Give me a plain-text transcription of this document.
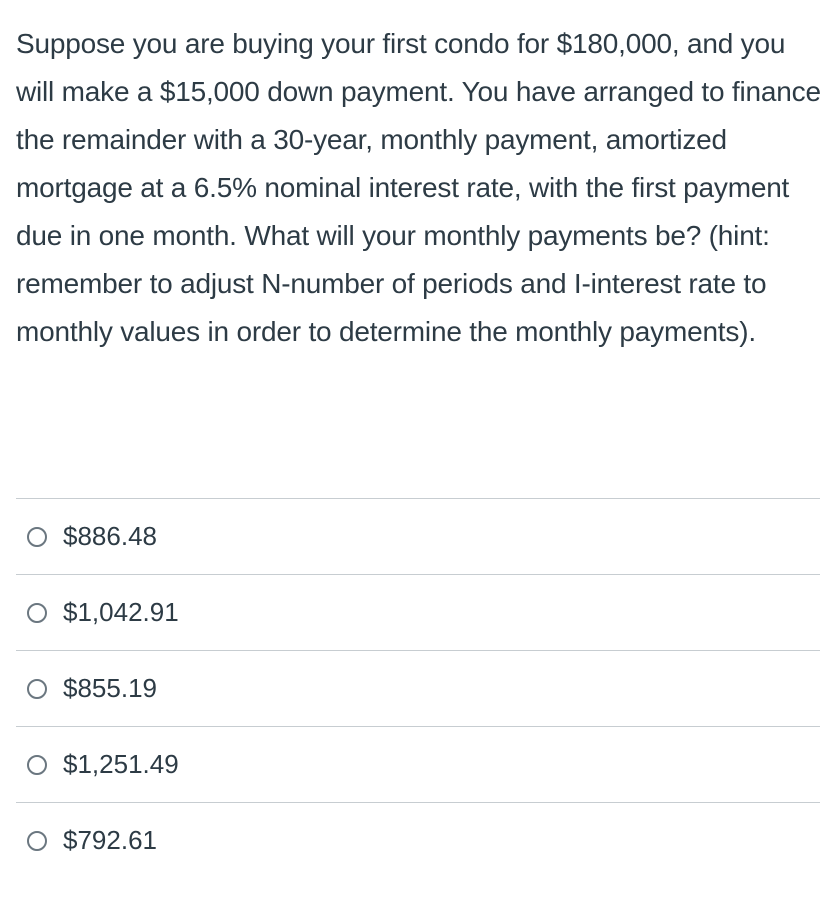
Suppose you are buying your first condo for $180,000, and you will make a $15,000 down payment. You have arranged to finance the remainder with a 30-year, monthly payment, amortized mortgage at a 6.5% nominal interest rate, with the first payment due in one month. What will your monthly payments be? (hint: remember to adjust N-number of periods and I-interest rate to monthly values in order to determine the monthly payments).

$886.48
$1,042.91
$855.19
$1,251.49
$792.61
